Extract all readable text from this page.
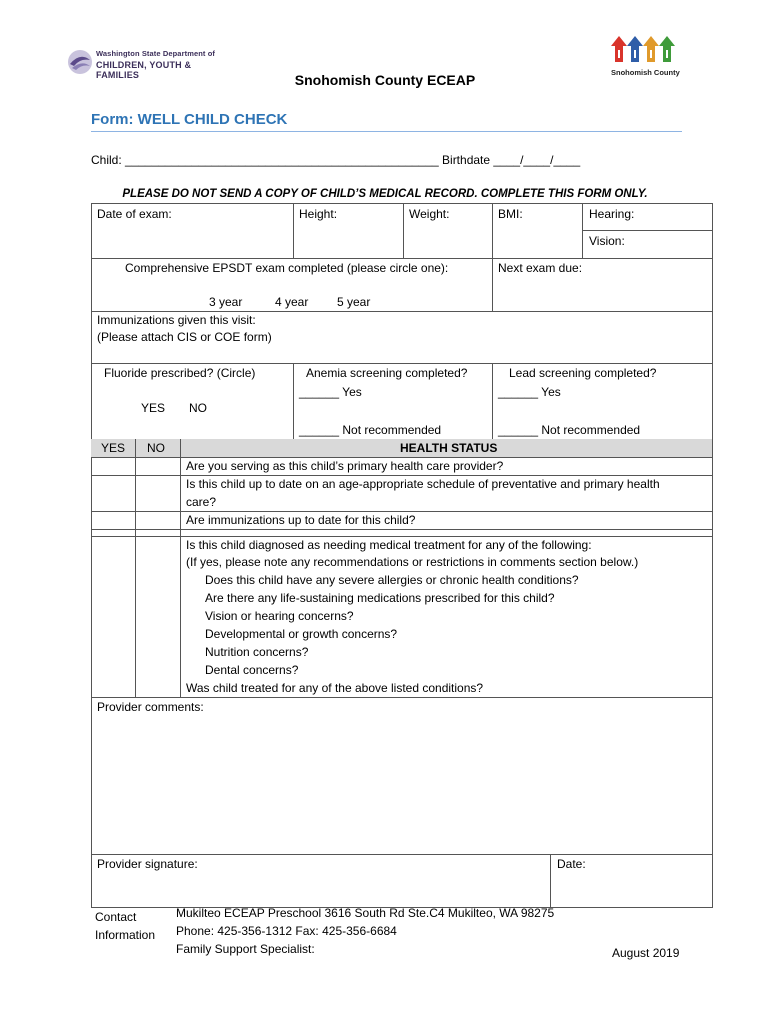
Washington State Department of
CHILDREN, YOUTH & FAMILIES	Snohomish County
Snohomish County ECEAP
Form: WELL CHILD CHECK
Child: _______________________________________________ Birthdate ____/____/____
PLEASE DO NOT SEND A COPY OF CHILD’S MEDICAL RECORD. COMPLETE THIS FORM ONLY.
Date of exam:	Height:	Weight:	BMI:	Hearing:
Vision:
Comprehensive EPSDT exam completed (please circle one):	Next exam due:
3 year	4 year 5 year
Immunizations given this visit:
(Please attach CIS or COE form)
Fluoride prescribed? (Circle)
YES NO
Anemia screening completed?
______ Yes
______ Not recommended
Lead screening completed?
______ Yes
______ Not recommended
YES NO	HEALTH STATUS
Are you serving as this child’s primary health care provider?
Is this child up to date on an age-appropriate schedule of preventative and primary health
care?
Are immunizations up to date for this child?
Is this child diagnosed as needing medical treatment for any of the following:
(If yes, please note any recommendations or restrictions in comments section below.)
Does this child have any severe allergies or chronic health conditions?
Are there any life-sustaining medications prescribed for this child?
Vision or hearing concerns?
Developmental or growth concerns?
Nutrition concerns?
Dental concerns?
Was child treated for any of the above listed conditions?
Provider comments:
Provider signature:	Date:
Contact
Information
Mukilteo ECEAP Preschool 3616 South Rd Ste.C4 Mukilteo, WA 98275
Phone: 425-356-1312 Fax: 425-356-6684
Family Support Specialist:	August 2019
